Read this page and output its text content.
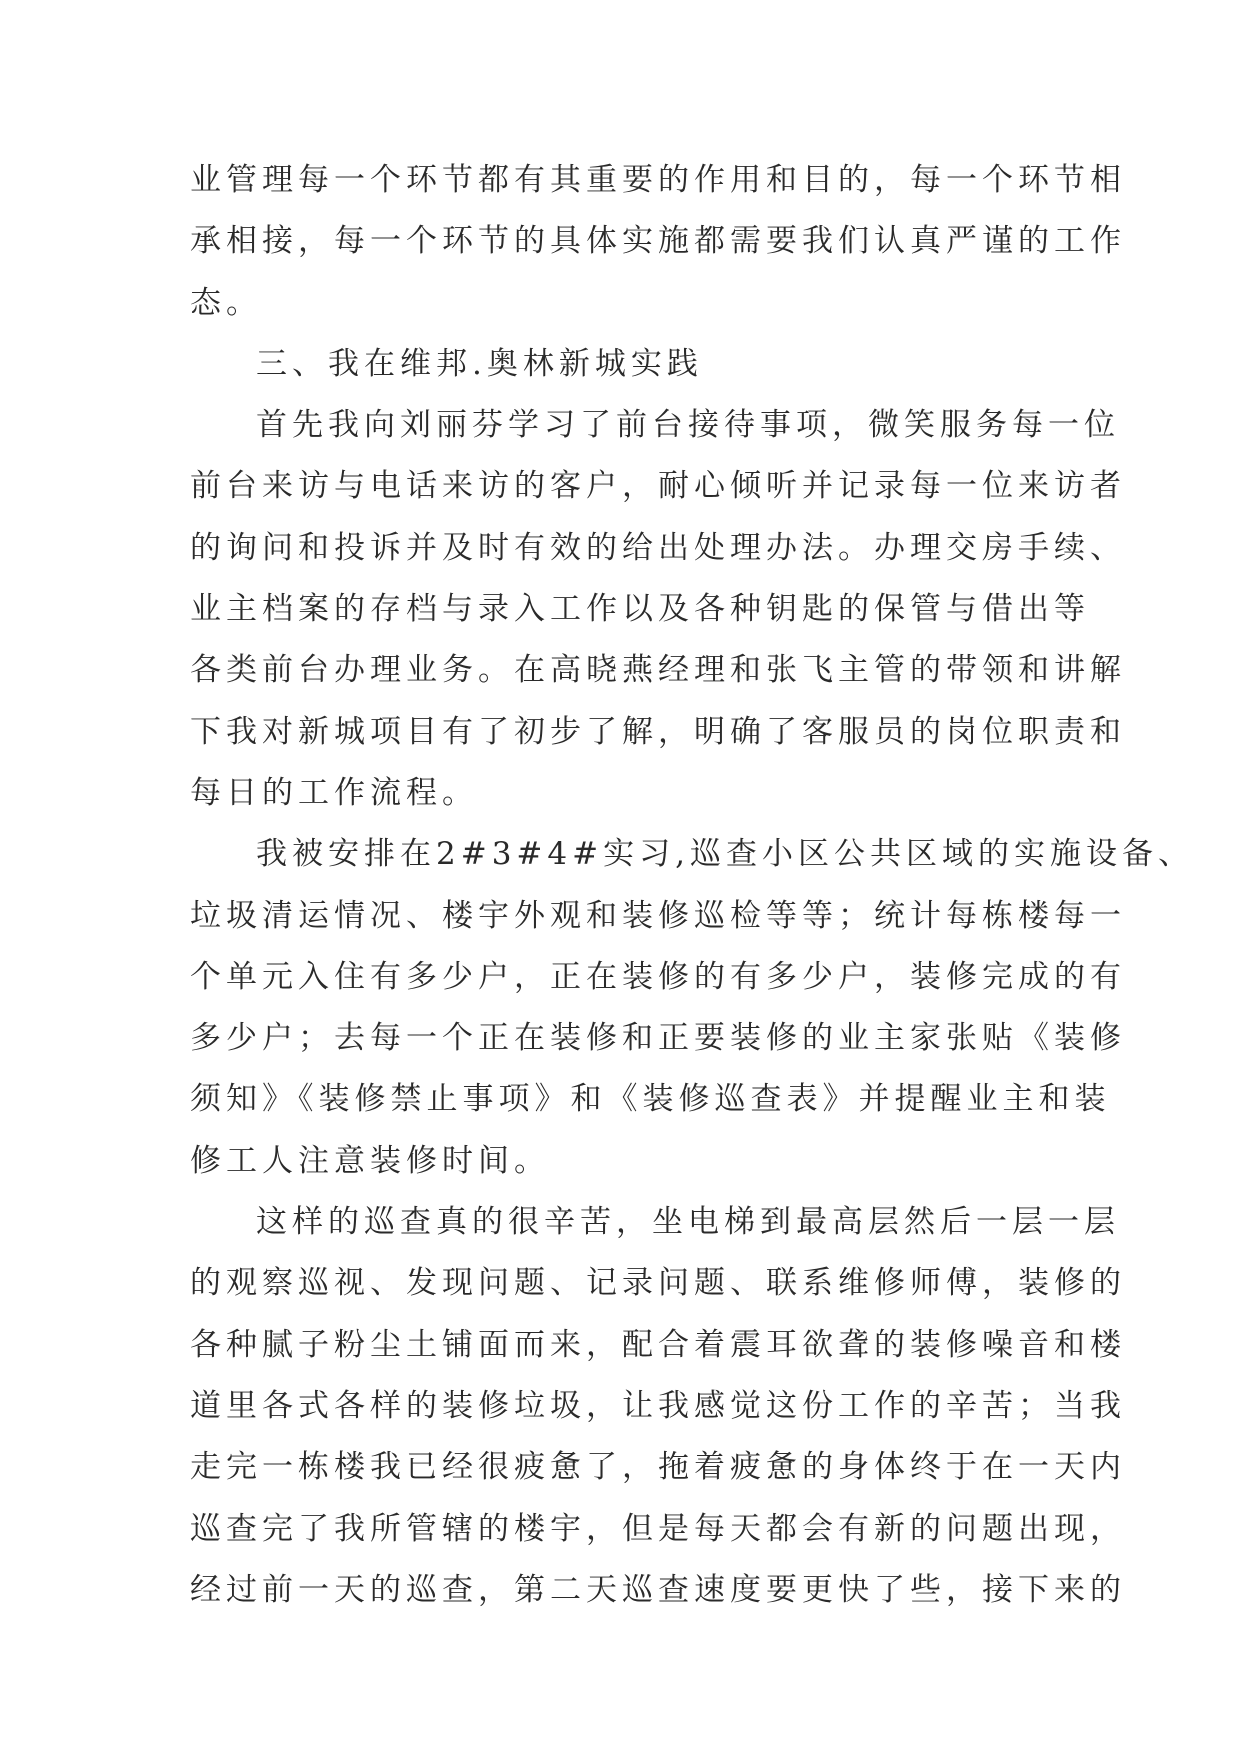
业管理每一个环节都有其重要的作用和目的，每一个环节相
承相接，每一个环节的具体实施都需要我们认真严谨的工作
态。
三、我在维邦.奥林新城实践
首先我向刘丽芬学习了前台接待事项，微笑服务每一位
前台来访与电话来访的客户，耐心倾听并记录每一位来访者
的询问和投诉并及时有效的给出处理办法。办理交房手续、
业主档案的存档与录入工作以及各种钥匙的保管与借出等
各类前台办理业务。在高晓燕经理和张飞主管的带领和讲解
下我对新城项目有了初步了解，明确了客服员的岗位职责和
每日的工作流程。
我被安排在2#3#4#实习,巡查小区公共区域的实施设备、
垃圾清运情况、楼宇外观和装修巡检等等；统计每栋楼每一
个单元入住有多少户，正在装修的有多少户，装修完成的有
多少户；去每一个正在装修和正要装修的业主家张贴《装修
须知》《装修禁止事项》和《装修巡查表》并提醒业主和装
修工人注意装修时间。
这样的巡查真的很辛苦，坐电梯到最高层然后一层一层
的观察巡视、发现问题、记录问题、联系维修师傅，装修的
各种腻子粉尘土铺面而来，配合着震耳欲聋的装修噪音和楼
道里各式各样的装修垃圾，让我感觉这份工作的辛苦；当我
走完一栋楼我已经很疲惫了，拖着疲惫的身体终于在一天内
巡查完了我所管辖的楼宇，但是每天都会有新的问题出现，
经过前一天的巡查，第二天巡查速度要更快了些，接下来的
